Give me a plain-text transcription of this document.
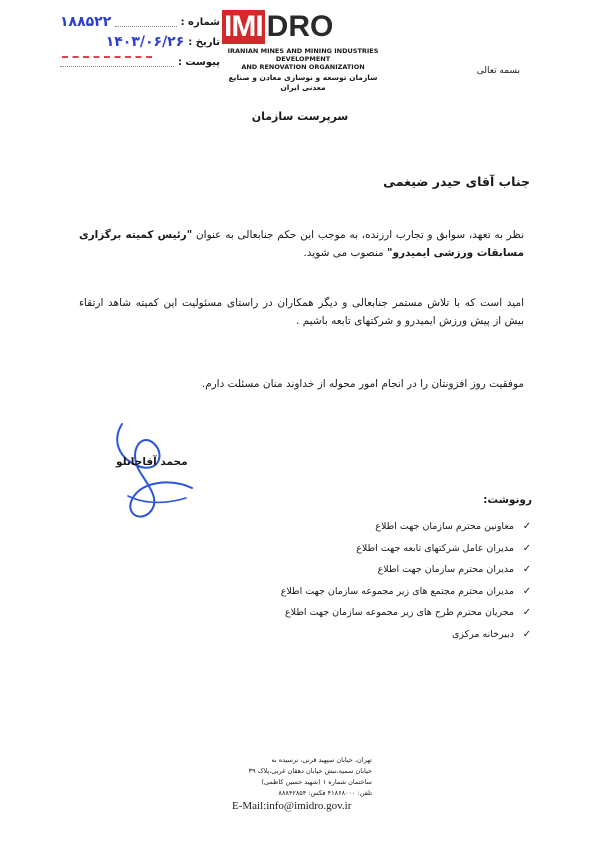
شماره :
۱۸۸۵۲۲
تاریخ :
۱۴۰۳/۰۶/۲۶
پیوست :
IMI DRO
IRANIAN MINES AND MINING INDUSTRIES DEVELOPMENT
AND RENOVATION ORGANIZATION
سازمان توسعه و نوسازی معادن و صنایع معدنی ایران
بسمه تعالی
سرپرست سازمان
جناب آقای حیدر ضیغمی
نظر به تعهد، سوابق و تجارب ارزنده، به موجب این حکم جنابعالی به عنوان "رئیس کمیته برگزاری مسابقات ورزشی ایمیدرو" منصوب می شوید.
امید است که با تلاش مستمر جنابعالی و دیگر همکاران در راستای مسئولیت این کمیته شاهد ارتقاء بیش از پیش ورزش ایمیدرو و شرکتهای تابعه باشیم .
موفقیت روز افزونتان را در انجام امور محوله از خداوند منان مسئلت دارم.
محمد آقاجانلو
رونوشت:
✓
معاونین محترم سازمان جهت اطلاع
✓
مدیران عامل شرکتهای تابعه جهت اطلاع
✓
مدیران محترم سازمان جهت اطلاع
✓
مدیران محترم مجتمع های زیر مجموعه سازمان جهت اطلاع
✓
مجریان محترم طرح های زیر مجموعه سازمان جهت اطلاع
✓
دبیرخانه مرکزی
تهران، خیابان سپهبد قرنی، نرسیده به
خیابان سمیه،نبش خیابان دهقان غربی،پلاک ۳۹
ساختمان شماره ۱ (شهید حسین کاظمی)
تلفن: ۴۱۸۶۸۰۰۰ فکس: ۸۸۸۴۲۸۵۴
E-Mail:info@imidro.gov.ir
